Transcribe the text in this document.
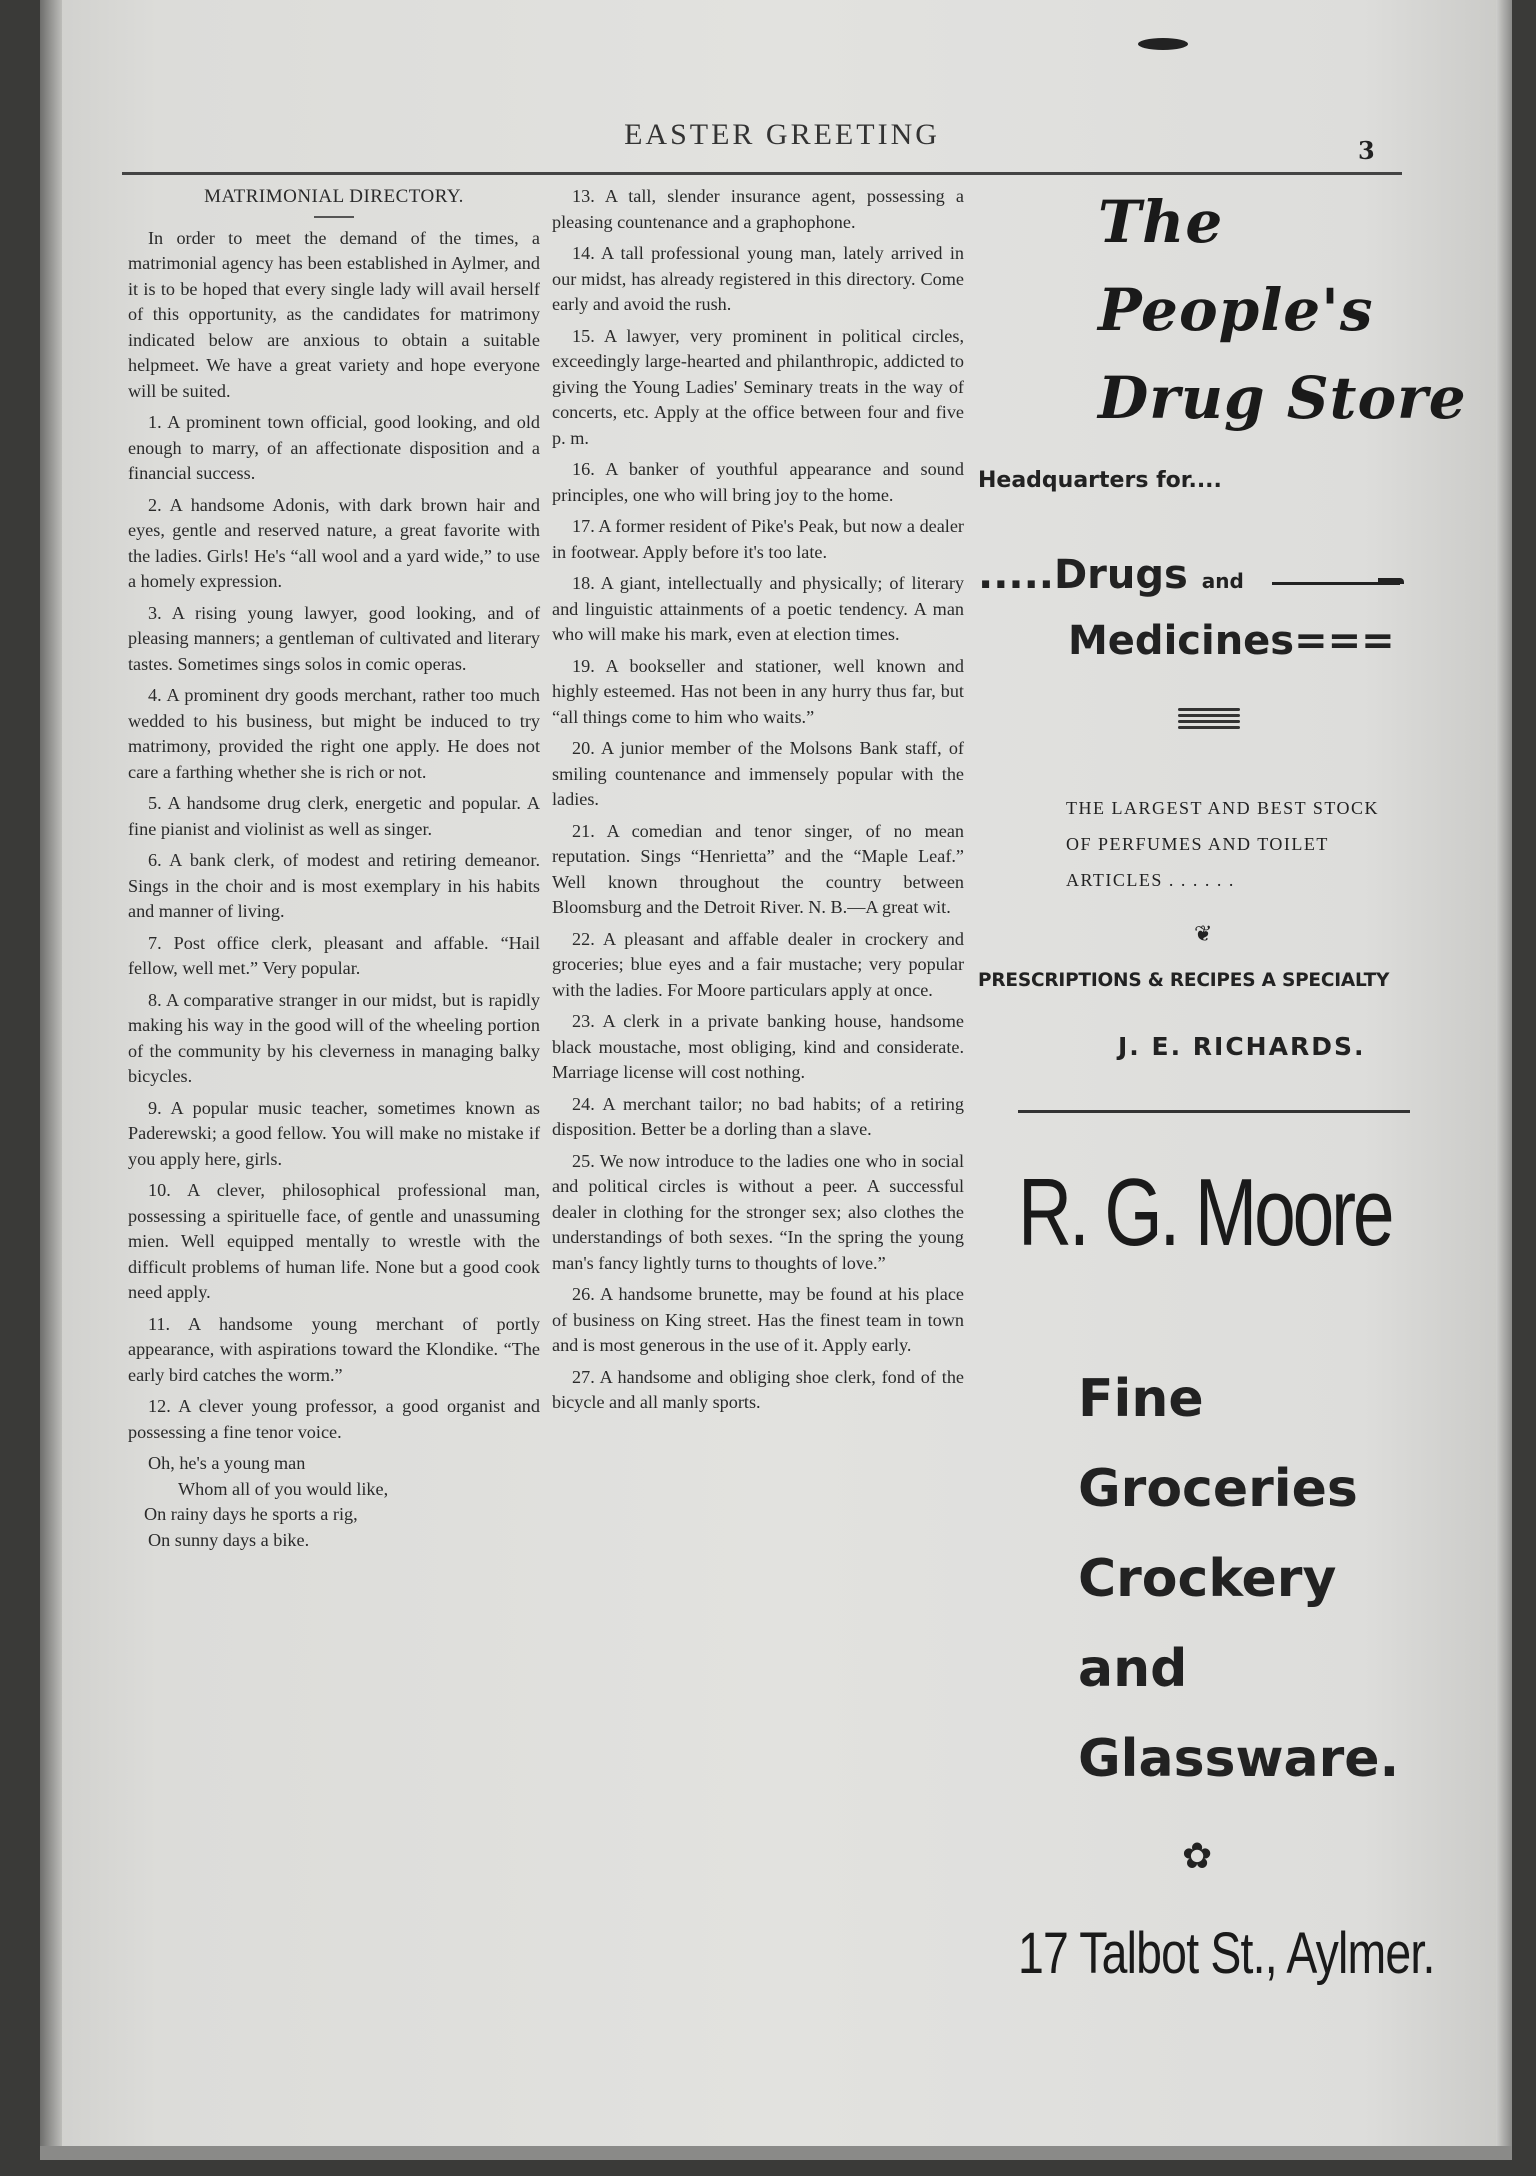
EASTER GREETING	3
MATRIMONIAL DIRECTORY.

In order to meet the demand of the times, a matrimonial agency has been established in Aylmer, and it is to be hoped that every single lady will avail herself of this opportunity, as the candidates for matrimony indicated below are anxious to obtain a suitable helpmeet. We have a great variety and hope everyone will be suited.

1. A prominent town official, good looking, and old enough to marry, of an affectionate disposition and a financial success.

2. A handsome Adonis, with dark brown hair and eyes, gentle and reserved nature, a great favorite with the ladies. Girls! He's “all wool and a yard wide,” to use a homely expression.

3. A rising young lawyer, good looking, and of pleasing manners; a gentleman of cultivated and literary tastes. Sometimes sings solos in comic operas.

4. A prominent dry goods merchant, rather too much wedded to his business, but might be induced to try matrimony, provided the right one apply. He does not care a farthing whether she is rich or not.

5. A handsome drug clerk, energetic and popular. A fine pianist and violinist as well as singer.

6. A bank clerk, of modest and retiring demeanor. Sings in the choir and is most exemplary in his habits and manner of living.

7. Post office clerk, pleasant and affable. “Hail fellow, well met.” Very popular.

8. A comparative stranger in our midst, but is rapidly making his way in the good will of the wheeling portion of the community by his cleverness in managing balky bicycles.

9. A popular music teacher, sometimes known as Paderewski; a good fellow. You will make no mistake if you apply here, girls.

10. A clever, philosophical professional man, possessing a spirituelle face, of gentle and unassuming mien. Well equipped mentally to wrestle with the difficult problems of human life. None but a good cook need apply.

11. A handsome young merchant of portly appearance, with aspirations toward the Klondike. “The early bird catches the worm.”

12. A clever young professor, a good organist and possessing a fine tenor voice.

Oh, he's a young man
Whom all of you would like,
On rainy days he sports a rig,
On sunny days a bike.

13. A tall, slender insurance agent, possessing a pleasing countenance and a graphophone.

14. A tall professional young man, lately arrived in our midst, has already registered in this directory. Come early and avoid the rush.

15. A lawyer, very prominent in political circles, exceedingly large-hearted and philanthropic, addicted to giving the Young Ladies' Seminary treats in the way of concerts, etc. Apply at the office between four and five p. m.

16. A banker of youthful appearance and sound principles, one who will bring joy to the home.

17. A former resident of Pike's Peak, but now a dealer in footwear. Apply before it's too late.

18. A giant, intellectually and physically; of literary and linguistic attainments of a poetic tendency. A man who will make his mark, even at election times.

19. A bookseller and stationer, well known and highly esteemed. Has not been in any hurry thus far, but “all things come to him who waits.”

20. A junior member of the Molsons Bank staff, of smiling countenance and immensely popular with the ladies.

21. A comedian and tenor singer, of no mean reputation. Sings “Henrietta” and the “Maple Leaf.” Well known throughout the country between Bloomsburg and the Detroit River. N. B.—A great wit.

22. A pleasant and affable dealer in crockery and groceries; blue eyes and a fair mustache; very popular with the ladies. For Moore particulars apply at once.

23. A clerk in a private banking house, handsome black moustache, most obliging, kind and considerate. Marriage license will cost nothing.

24. A merchant tailor; no bad habits; of a retiring disposition. Better be a dorling than a slave.

25. We now introduce to the ladies one who in social and political circles is without a peer. A successful dealer in clothing for the stronger sex; also clothes the understandings of both sexes. “In the spring the young man's fancy lightly turns to thoughts of love.”

26. A handsome brunette, may be found at his place of business on King street. Has the finest team in town and is most generous in the use of it. Apply early.

27. A handsome and obliging shoe clerk, fond of the bicycle and all manly sports.

The
People's
Drug Store
Headquarters for....
.....Drugs and
Medicines===
THE LARGEST AND BEST STOCK
OF PERFUMES AND TOILET
ARTICLES . . . . . .
❦
PRESCRIPTIONS & RECIPES A SPECIALTY
J. E. RICHARDS.
R. G. Moore
Fine
Groceries
Crockery
and
Glassware.
✿
17 Talbot St., Aylmer.
